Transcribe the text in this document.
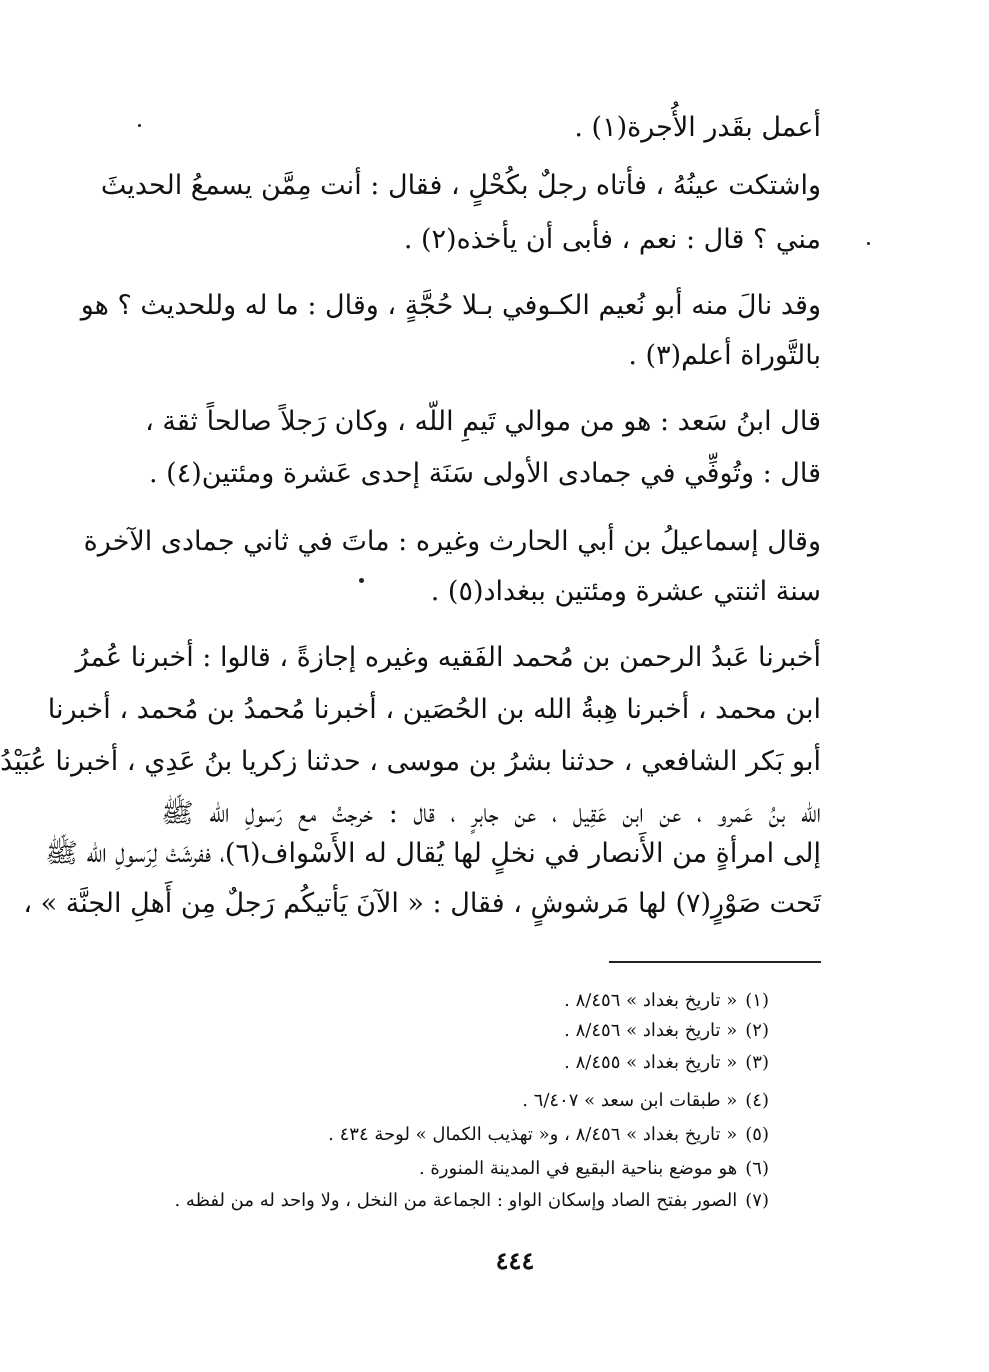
أعمل بقَدر الأُجرة(١) .
واشتكت عينُهُ ، فأتاه رجلٌ بكُحْلٍ ، فقال : أنت مِمَّن يسمعُ الحديثَ
مني ؟ قال : نعم ، فأبى أن يأخذه(٢) .
وقد نالَ منه أبو نُعيم الكـوفي بـلا حُجَّةٍ ، وقال : ما له وللحديث ؟ هو
بالتَّوراة أعلم(٣) .
قال ابنُ سَعد : هو من موالي تَيمِ اللّه ، وكان رَجلاً صالحاً ثقة ،
قال : وتُوفِّي في جمادى الأولى سَنَة إحدى عَشرة ومئتين(٤) .
وقال إسماعيلُ بن أبي الحارث وغيره : ماتَ في ثاني جمادى الآخرة
سنة اثنتي عشرة ومئتين ببغداد(٥) .
أخبرنا عَبدُ الرحمن بن مُحمد الفَقيه وغيره إجازةً ، قالوا : أخبرنا عُمرُ
ابن محمد ، أخبرنا هِبةُ الله بن الحُصَين ، أخبرنا مُحمدُ بن مُحمد ، أخبرنا
أبو بَكر الشافعي ، حدثنا بشرُ بن موسى ، حدثنا زكريا بنُ عَدِي ، أخبرنا عُبَيْدُ
الله بنُ عَمرو ، عن ابن عَقِيل ، عن جابرٍ ، قال : خرجتُ مع رَسولِ الله ﷺ
إلى امرأةٍ من الأَنصار في نخلٍ لها يُقال له الأَسْواف(٦)، ففرشَتْ لِرَسولِ الله ﷺ
تَحت صَوْرٍ(٧) لها مَرشوشٍ ، فقال : « الآنَ يَأتيكُم رَجلٌ مِن أَهلِ الجنَّة » ،
(١)« تاريخ بغداد » ٨/٤٥٦ .
(٢)« تاريخ بغداد » ٨/٤٥٦ .
(٣)« تاريخ بغداد » ٨/٤٥٥ .
(٤)« طبقات ابن سعد » ٦/٤٠٧ .
(٥)« تاريخ بغداد » ٨/٤٥٦ ، و« تهذيب الكمال » لوحة ٤٣٤ .
(٦)هو موضع بناحية البقيع في المدينة المنورة .
(٧)الصور بفتح الصاد وإسكان الواو : الجماعة من النخل ، ولا واحد له من لفظه .
٤٤٤
